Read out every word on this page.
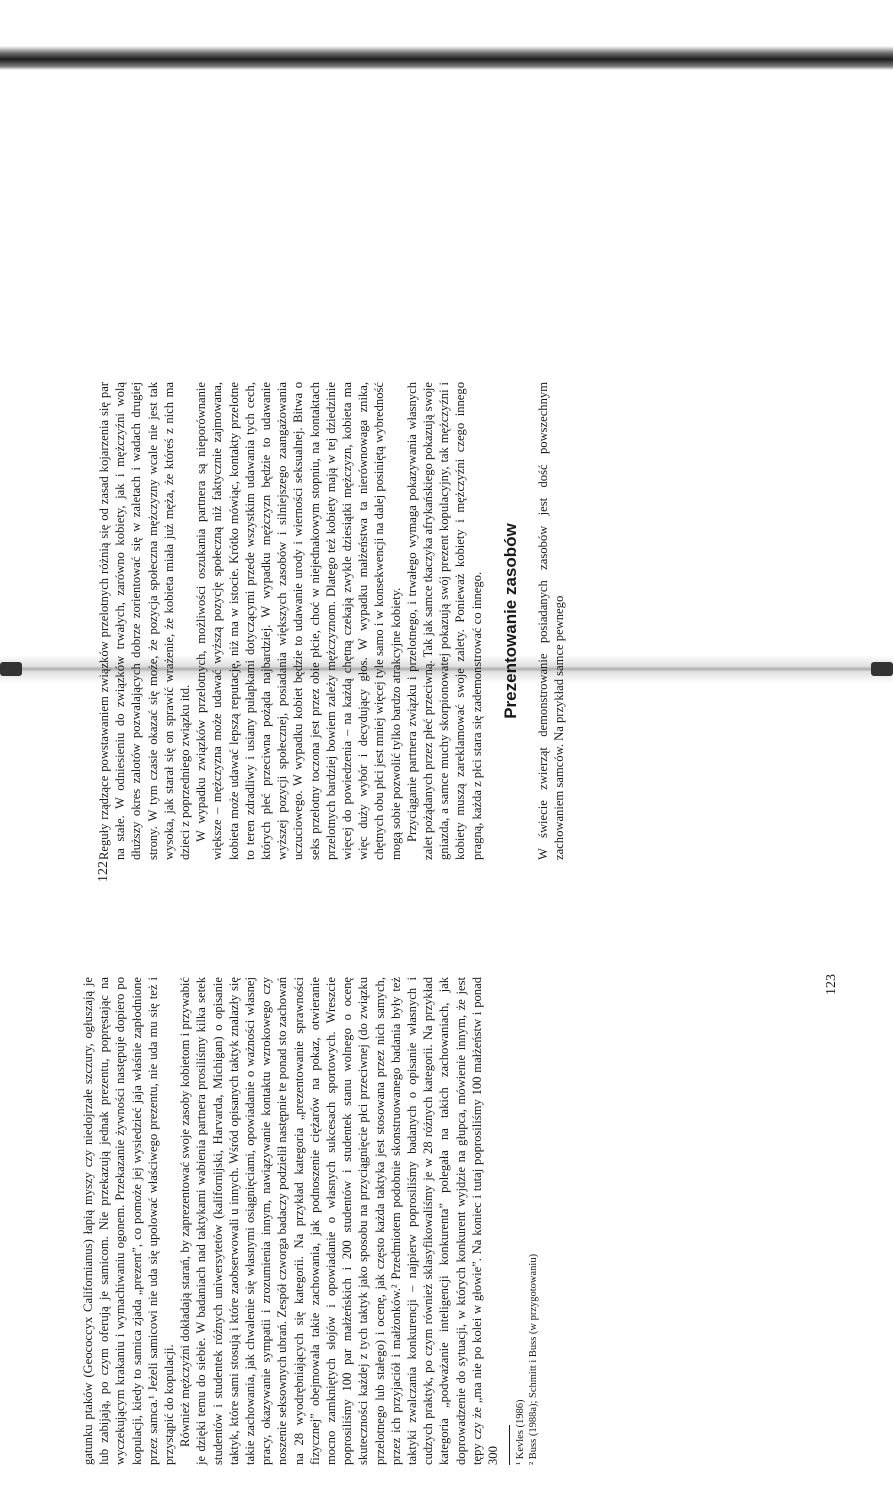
Reguły rządzące powstawaniem związków przelotnych różnią się od zasad kojarzenia się par na stałe. W odniesieniu do związków trwałych, zarówno kobiety, jak i mężczyźni wolą dłuższy okres zalotów pozwalających dobrze zorientować się w zaletach i wadach drugiej strony. W tym czasie okazać się może, że pozycja społeczna mężczyzny wcale nie jest tak wysoka, jak starał się on sprawić wrażenie, że kobieta miała już męża, że któreś z nich ma dzieci z poprzedniego związku itd. W wypadku związków przelotnych, możliwości oszukania partnera są nieporównanie większe – mężczyzna może udawać wyższą pozycję społeczną niż faktycznie zajmowana, kobieta może udawać lepszą reputację, niż ma w istocie. Krótko mówiąc, kontakty przelotne to teren zdradliwy i usiany pułapkami dotyczącymi przede wszystkim udawania tych cech, których płeć przeciwna pożąda najbardziej. W wypadku mężczyzn będzie to udawanie wyższej pozycji społecznej, posiadania większych zasobów i silniejszego zaangażowania uczuciowego. W wypadku kobiet będzie to udawanie urody i wierności seksualnej. Bitwa o seks przelotny toczona jest przez obie płcie, choć w niejednakowym stopniu, na kontaktach przelotnych bardziej bowiem zależy mężczyznom. Dlatego też kobiety mają w tej dziedzinie więcej do powiedzenia – na każdą chętną czekają zwykle dziesiątki mężczyzn, kobieta ma więc duży wybór i decydujący głos. W wypadku małżeństwa ta nierównowaga znika, chętnych obu płci jest mniej więcej tyle samo i w konsekwencji na dalej posiniętą wybredność mogą sobie pozwolić tylko bardzo atrakcyjne kobiety. Przyciąganie partnera związku i przelotnego, i trwałego wymaga pokazywania własnych zalet pożądanych przez płeć przeciwną. Tak jak samce tkaczyka afrykańskiego pokazują swoje gniazda, a samce muchy skorpionowatej pokazują swój prezent kopulacyjny, tak mężczyźni i kobiety muszą zareklamować swoje zalety. Ponieważ kobiety i mężczyźni czego innego pragną, każda z płci stara się zademonstrować co innego. Prezentowanie zasobów W świecie zwierząt demonstrowanie posiadanych zasobów jest dość powszechnym zachowaniem samców. Na przykład samce pewnego

122

gatunku ptaków (Geococcyx Californianus) łapią myszy czy niedojrzałe szczury, ogłuszają je lub zabijają, po czym oferują je samicom. Nie przekazują jednak prezentu, popręstając na wyczekującym krakaniu i wymachiwaniu ogonem. Przekazanie żywności następuje dopiero po kopulacji, kiedy to samica zjada „prezent”, co pomoże jej wysiedzieć jaja właśnie zapłodnione przez samca.¹ Jeżeli samicowi nie uda się upolować właściwego prezentu, nie uda mu się też i przystąpić do kopulacji. Również mężczyźni dokładają starań, by zaprezentować swoje zasoby kobietom i przywabić je dzięki temu do siebie. W badaniach nad taktykami wabienia partnera prosiliśmy kilka setek studentów i studentek różnych uniwersytetów (kalifornijski, Harvarda, Michigan) o opisanie taktyk, które sami stosują i które zaobserwowali u innych. Wśród opisanych taktyk znalazły się takie zachowania, jak chwalenie się własnymi osiągnięciami, opowiadanie o ważności własnej pracy, okazywanie sympatii i zrozumienia innym, nawiązywanie kontaktu wzrokowego czy noszenie seksownych ubrań. Zespół czworga badaczy podzielił następnie te ponad sto zachowań na 28 wyodrębniających się kategorii. Na przykład kategoria „prezentowanie sprawności fizycznej” obejmowała takie zachowania, jak podnoszenie ciężarów na pokaz, otwieranie mocno zamkniętych słojów i opowiadanie o własnych sukcesach sportowych. Wreszcie poprosiliśmy 100 par małżeńskich i 200 studentów i studentek stanu wolnego o ocenę skuteczności każdej z tych taktyk jako sposobu na przyciągnięcie płci przeciwnej (do związku przelotnego lub stałego) i ocenę, jak często każda taktyka jest stosowana przez nich samych, przez ich przyjaciół i małżonków.² Przedmiotem podobnie skonstruowanego badania były też taktyki zwalczania konkurencji – najpierw poprosiliśmy badanych o opisanie własnych i cudzych praktyk, po czym również sklasyfikowaliśmy je w 28 różnych kategorii. Na przykład kategoria „podważanie inteligencji konkurenta” polegała na takich zachowaniach, jak doprowadzenie do sytuacji, w których konkurent wyjdzie na głupca, mówienie innym, że jest tępy czy że „ma nie po kolei w głowie”. Na koniec i tutaj poprosiliśmy 100 małżeństw i ponad 300 ¹ Kevles (1986) ² Buss (1988a); Schmitt i Buss (w przygotowaniu)

123
